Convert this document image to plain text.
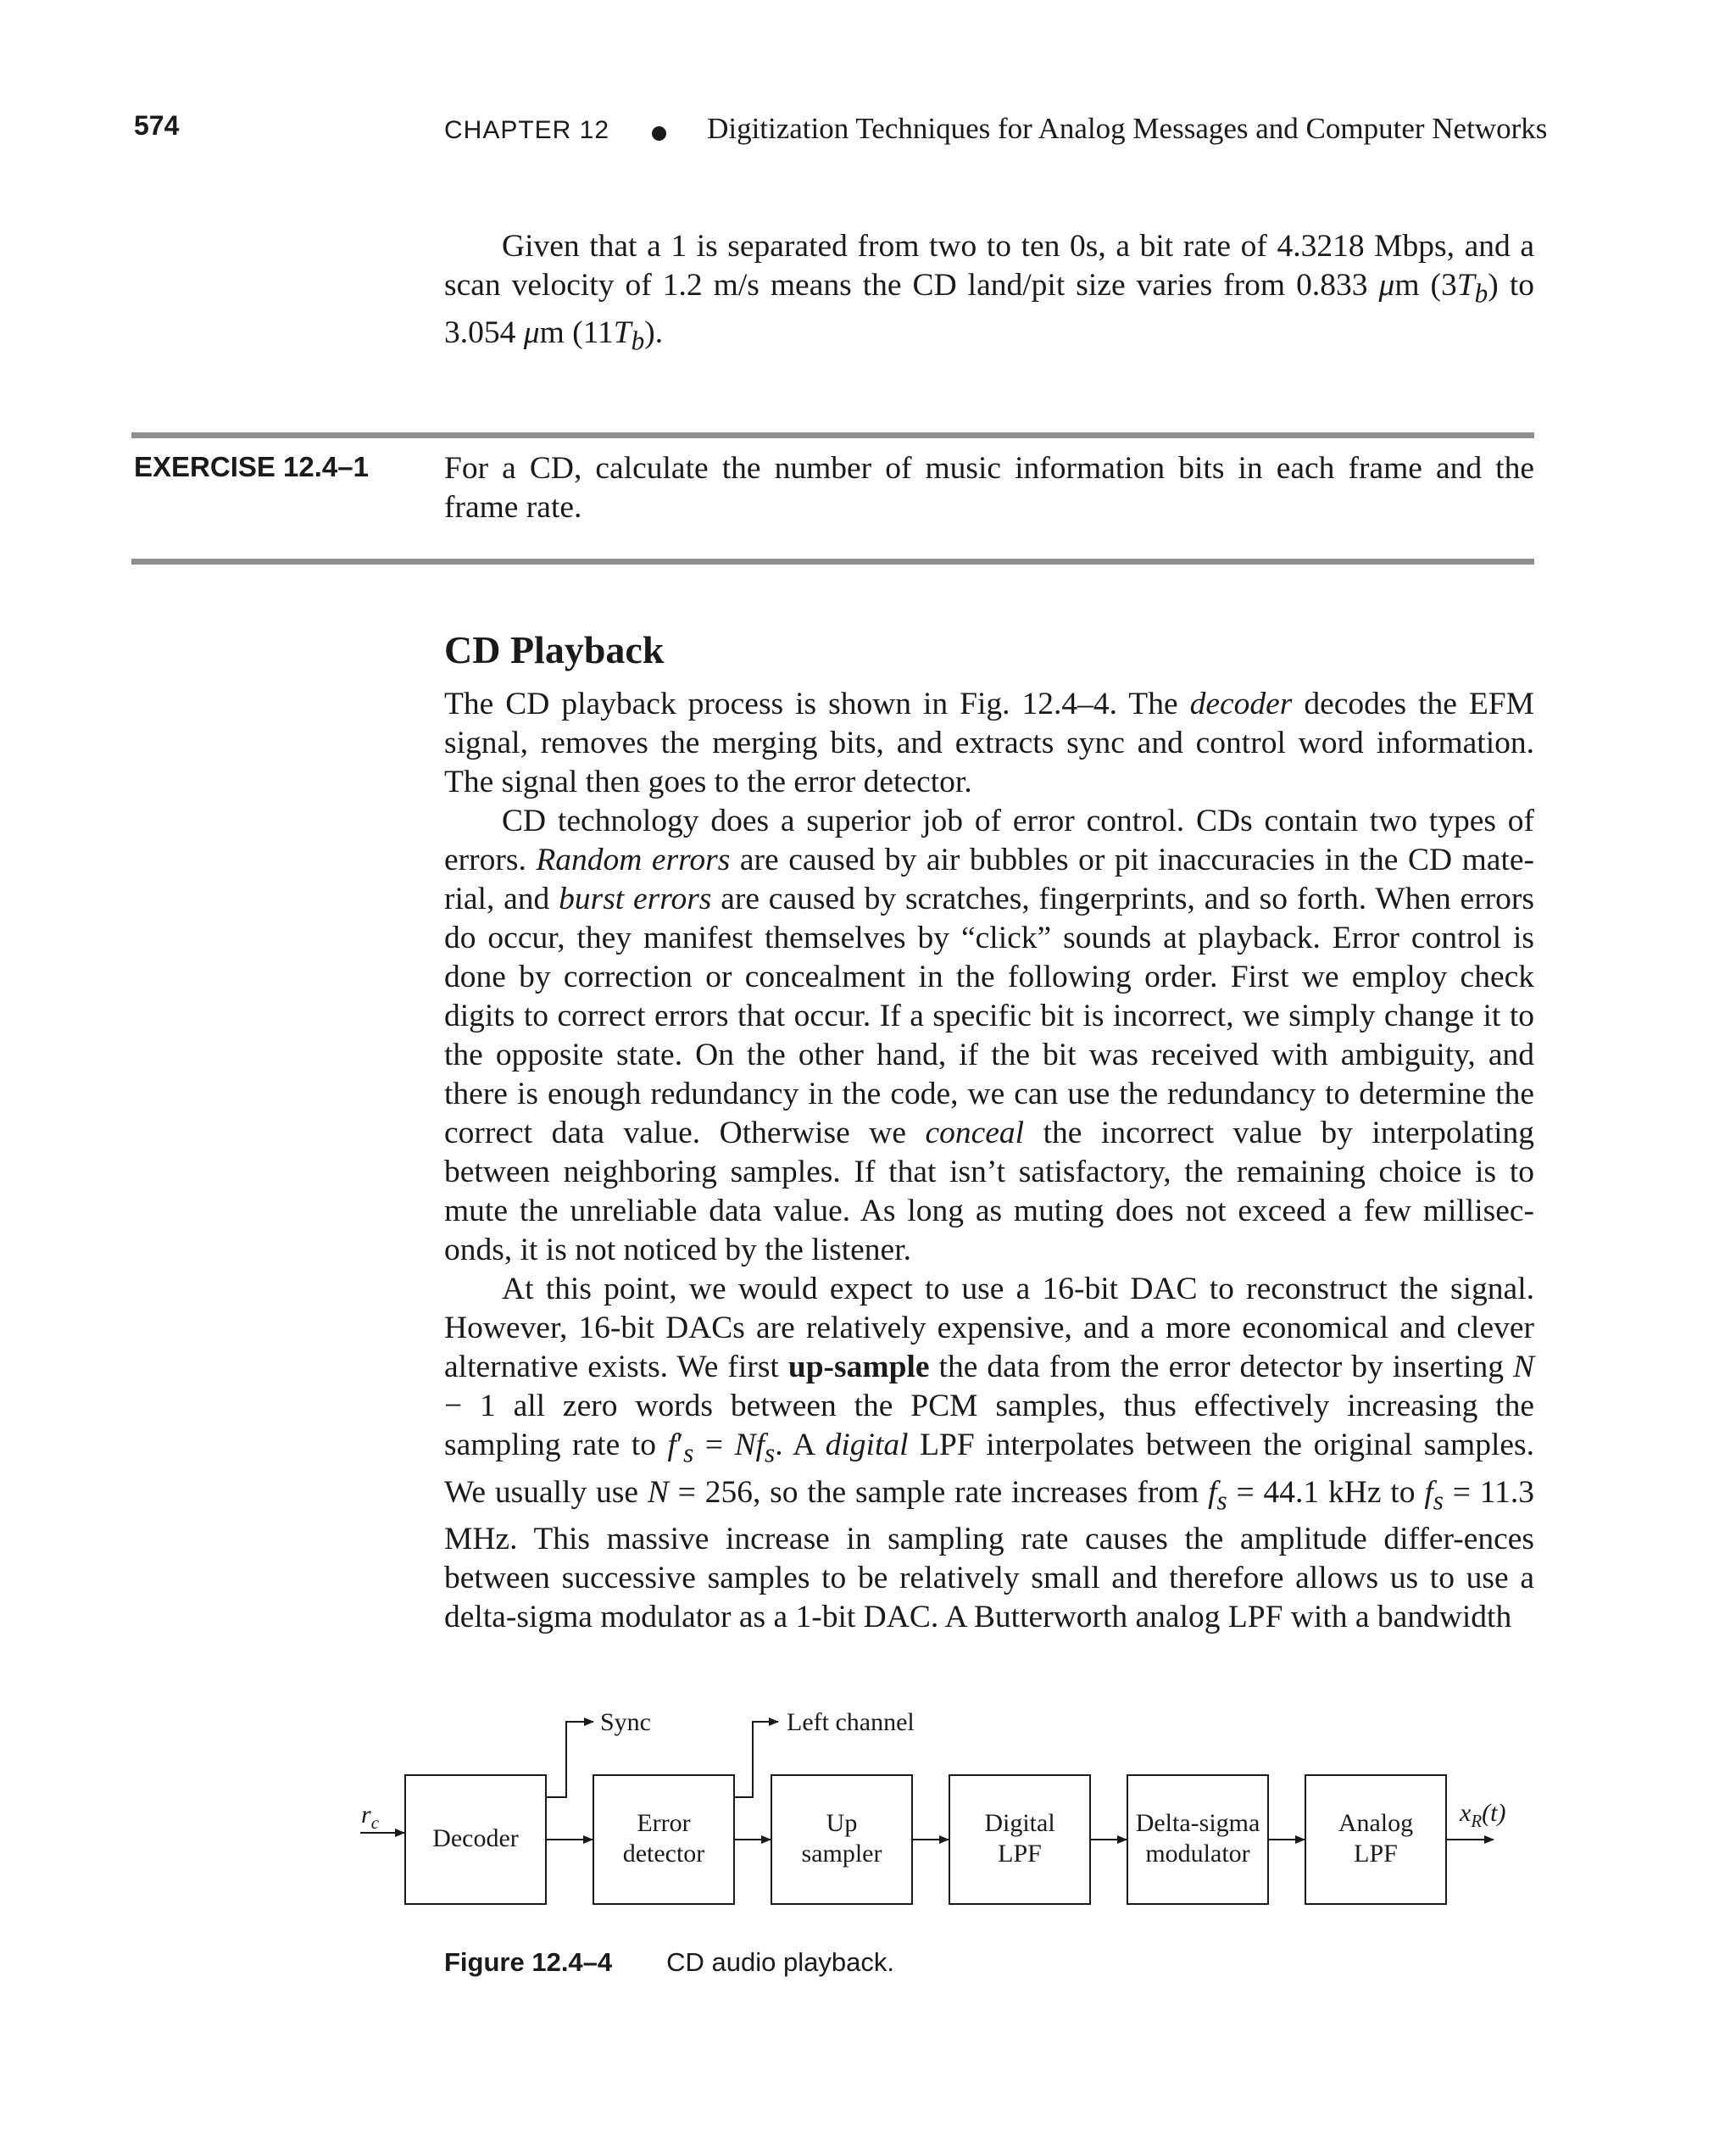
574	CHAPTER 12	Digitization Techniques for Analog Messages and Computer Networks

Given that a 1 is separated from two to ten 0s, a bit rate of 4.3218 Mbps, and a scan velocity of 1.2 m/s means the CD land/pit size varies from 0.833 μm $(3T_b)$ to 3.054 μm $(11T_b)$.

EXERCISE 12.4–1 For a CD, calculate the number of music information bits in each frame and the frame rate.

CD Playback

The CD playback process is shown in Fig. 12.4–4. The decoder decodes the EFM signal, removes the merging bits, and extracts sync and control word information. The signal then goes to the error detector.

CD technology does a superior job of error control. CDs contain two types of errors. Random errors are caused by air bubbles or pit inaccuracies in the CD mate-rial, and burst errors are caused by scratches, fingerprints, and so forth. When errors do occur, they manifest themselves by “click” sounds at playback. Error control is done by correction or concealment in the following order. First we employ check digits to correct errors that occur. If a specific bit is incorrect, we simply change it to the opposite state. On the other hand, if the bit was received with ambiguity, and there is enough redundancy in the code, we can use the redundancy to determine the correct data value. Otherwise we conceal the incorrect value by interpolating between neighboring samples. If that isn’t satisfactory, the remaining choice is to mute the unreliable data value. As long as muting does not exceed a few millisec-onds, it is not noticed by the listener.

At this point, we would expect to use a 16-bit DAC to reconstruct the signal. However, 16-bit DACs are relatively expensive, and a more economical and clever alternative exists. We first up-sample the data from the error detector by inserting N − 1 all zero words between the PCM samples, thus effectively increasing the sampling rate to $f'_s = Nf_s$. A digital LPF interpolates between the original samples. We usually use N = 256, so the sample rate increases from $f_s = 44.1$ kHz to $f_s = 11.3$ MHz. This massive increase in sampling rate causes the amplitude differ-ences between successive samples to be relatively small and therefore allows us to use a delta-sigma modulator as a 1-bit DAC. A Butterworth analog LPF with a bandwidth

Decoder
Error
detector
Up
sampler
Digital
LPF
Delta-sigma
modulator
Analog
LPF
Sync	Left channel
$r_c$	$x_R(t)$
Figure 12.4–4 CD audio playback.
